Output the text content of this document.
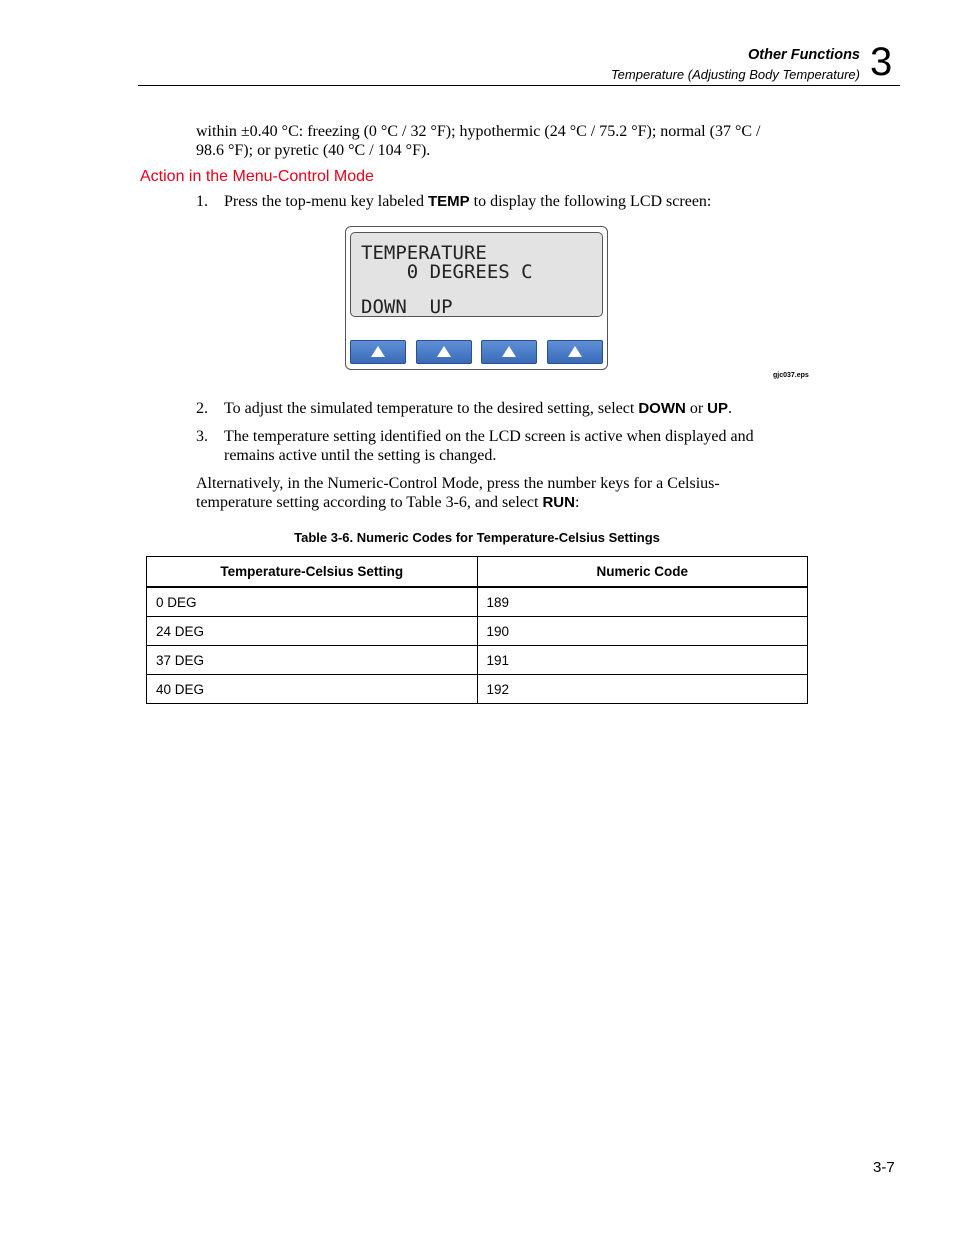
Other Functions
Temperature (Adjusting Body Temperature) 3
within ±0.40 °C: freezing (0 °C / 32 °F); hypothermic (24 °C / 75.2 °F); normal (37 °C /
98.6 °F); or pyretic (40 °C / 104 °F).
Action in the Menu-Control Mode
1. Press the top-menu key labeled TEMP to display the following LCD screen:
TEMPERATURE
0 DEGREES C
DOWN  UP
gjc037.eps
2. To adjust the simulated temperature to the desired setting, select DOWN or UP.
3. The temperature setting identified on the LCD screen is active when displayed and
remains active until the setting is changed.
Alternatively, in the Numeric-Control Mode, press the number keys for a Celsius-
temperature setting according to Table 3-6, and select RUN:
Table 3-6. Numeric Codes for Temperature-Celsius Settings
Temperature-Celsius Setting	Numeric Code
0 DEG	189
24 DEG	190
37 DEG	191
40 DEG	192
3-7
